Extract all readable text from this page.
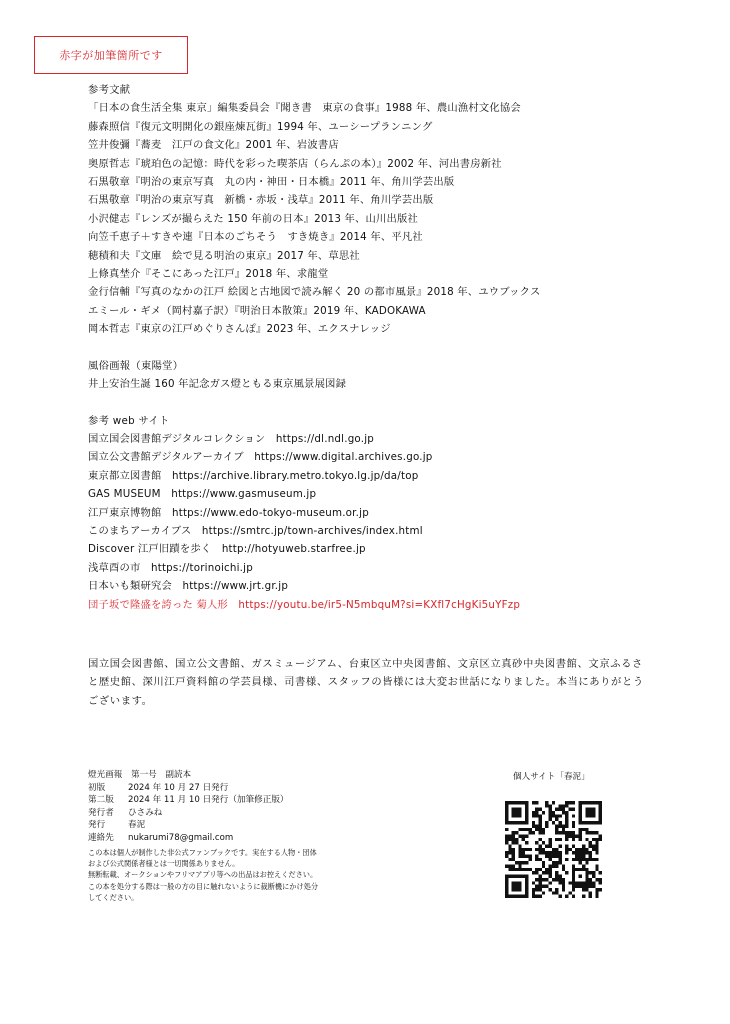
赤字が加筆箇所です
参考文献
「日本の食生活全集 東京」編集委員会『聞き書　東京の食事』1988 年、農山漁村文化協会
藤森照信『復元文明開化の銀座煉瓦街』1994 年、ユーシープランニング
笠井俊彌『蕎麦　江戸の食文化』2001 年、岩波書店
奥原哲志『琥珀色の記憶：時代を彩った喫茶店（らんぷの本）』2002 年、河出書房新社
石黒敬章『明治の東京写真　丸の内・神田・日本橋』2011 年、角川学芸出版
石黒敬章『明治の東京写真　新橋・赤坂・浅草』2011 年、角川学芸出版
小沢健志『レンズが撮らえた 150 年前の日本』2013 年、山川出版社
向笠千恵子＋すきや連『日本のごちそう　すき焼き』2014 年、平凡社
穂積和夫『文庫　絵で見る明治の東京』2017 年、草思社
上條真埜介『そこにあった江戸』2018 年、求龍堂
金行信輔『写真のなかの江戸 絵図と古地図で読み解く 20 の都市風景』2018 年、ユウブックス
エミール・ギメ（岡村嘉子訳）『明治日本散策』2019 年、KADOKAWA
岡本哲志『東京の江戸めぐりさんぽ』2023 年、エクスナレッジ
風俗画報（東陽堂）
井上安治生誕 160 年記念ガス燈ともる東京風景展図録
参考 web サイト
国立国会図書館デジタルコレクション　https://dl.ndl.go.jp
国立公文書館デジタルアーカイブ　https://www.digital.archives.go.jp
東京都立図書館　https://archive.library.metro.tokyo.lg.jp/da/top
GAS MUSEUM　https://www.gasmuseum.jp
江戸東京博物館　https://www.edo-tokyo-museum.or.jp
このまちアーカイブス　https://smtrc.jp/town-archives/index.html
Discover 江戸旧蹟を歩く　http://hotyuweb.starfree.jp
浅草酉の市　https://torinoichi.jp
日本いも類研究会　https://www.jrt.gr.jp
団子坂で隆盛を誇った 菊人形　https://youtu.be/ir5-N5mbquM?si=KXfl7cHgKi5uYFzp
国立国会図書館、国立公文書館、ガスミュージアム、台東区立中央図書館、文京区立真砂中央図書館、文京ふるさと歴史館、深川江戸資料館の学芸員様、司書様、スタッフの皆様には大変お世話になりました。本当にありがとうございます。
燈光画報　第一号　副読本
初版	2024 年 10 月 27 日発行
第二版	2024 年 11 月 10 日発行（加筆修正版）
発行者	ひさみね
発行	春泥
連絡先	nukarumi78@gmail.com
この本は個人が制作した非公式ファンブックです。実在する人物・団体
および公式関係者様とは一切関係ありません。
無断転載、オークションやフリマアプリ等への出品はお控えください。
この本を処分する際は一般の方の目に触れないように裁断機にかけ処分
してください。
個人サイト「春泥」
